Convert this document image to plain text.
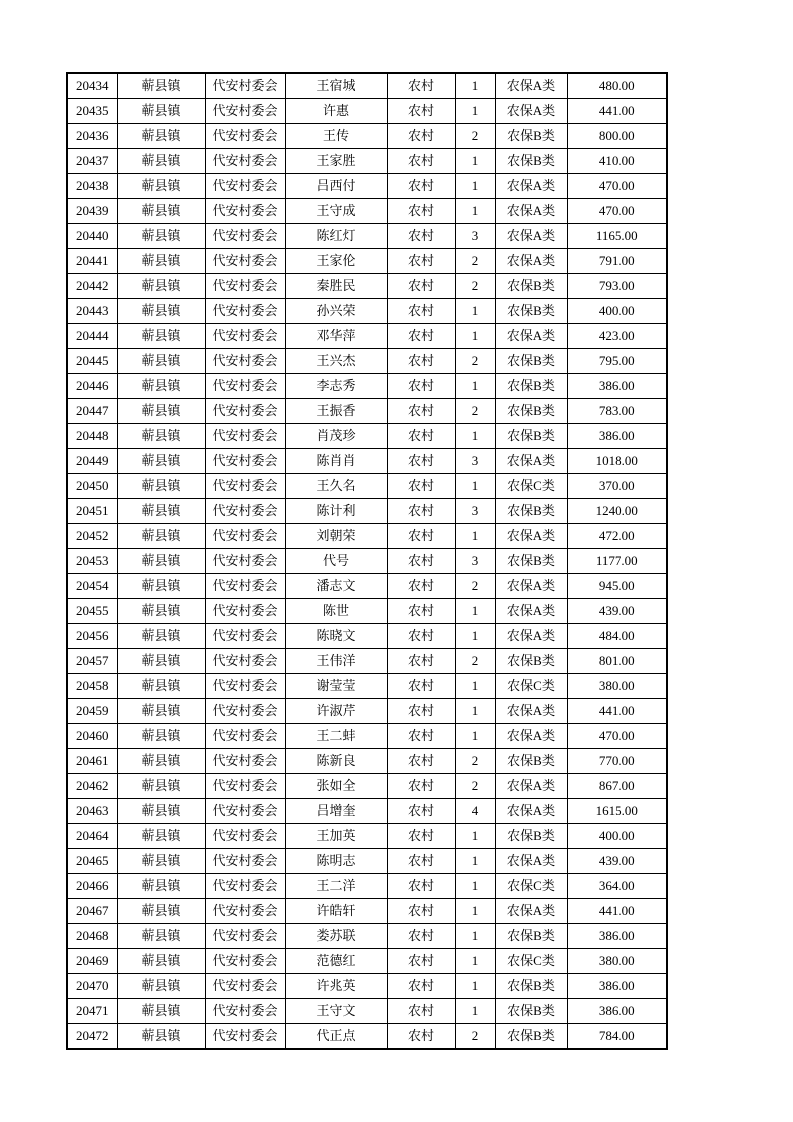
20434	蕲县镇	代安村委会	王宿城	农村	1	农保A类	480.00
20435	蕲县镇	代安村委会	许惠	农村	1	农保A类	441.00
20436	蕲县镇	代安村委会	王传	农村	2	农保B类	800.00
20437	蕲县镇	代安村委会	王家胜	农村	1	农保B类	410.00
20438	蕲县镇	代安村委会	吕西付	农村	1	农保A类	470.00
20439	蕲县镇	代安村委会	王守成	农村	1	农保A类	470.00
20440	蕲县镇	代安村委会	陈红灯	农村	3	农保A类	1165.00
20441	蕲县镇	代安村委会	王家伦	农村	2	农保A类	791.00
20442	蕲县镇	代安村委会	秦胜民	农村	2	农保B类	793.00
20443	蕲县镇	代安村委会	孙兴荣	农村	1	农保B类	400.00
20444	蕲县镇	代安村委会	邓华萍	农村	1	农保A类	423.00
20445	蕲县镇	代安村委会	王兴杰	农村	2	农保B类	795.00
20446	蕲县镇	代安村委会	李志秀	农村	1	农保B类	386.00
20447	蕲县镇	代安村委会	王振香	农村	2	农保B类	783.00
20448	蕲县镇	代安村委会	肖茂珍	农村	1	农保B类	386.00
20449	蕲县镇	代安村委会	陈肖肖	农村	3	农保A类	1018.00
20450	蕲县镇	代安村委会	王久名	农村	1	农保C类	370.00
20451	蕲县镇	代安村委会	陈计利	农村	3	农保B类	1240.00
20452	蕲县镇	代安村委会	刘朝荣	农村	1	农保A类	472.00
20453	蕲县镇	代安村委会	代号	农村	3	农保B类	1177.00
20454	蕲县镇	代安村委会	潘志文	农村	2	农保A类	945.00
20455	蕲县镇	代安村委会	陈世	农村	1	农保A类	439.00
20456	蕲县镇	代安村委会	陈晓文	农村	1	农保A类	484.00
20457	蕲县镇	代安村委会	王伟洋	农村	2	农保B类	801.00
20458	蕲县镇	代安村委会	谢莹莹	农村	1	农保C类	380.00
20459	蕲县镇	代安村委会	许淑芹	农村	1	农保A类	441.00
20460	蕲县镇	代安村委会	王二蚌	农村	1	农保A类	470.00
20461	蕲县镇	代安村委会	陈新良	农村	2	农保B类	770.00
20462	蕲县镇	代安村委会	张如全	农村	2	农保A类	867.00
20463	蕲县镇	代安村委会	吕增奎	农村	4	农保A类	1615.00
20464	蕲县镇	代安村委会	王加英	农村	1	农保B类	400.00
20465	蕲县镇	代安村委会	陈明志	农村	1	农保A类	439.00
20466	蕲县镇	代安村委会	王二洋	农村	1	农保C类	364.00
20467	蕲县镇	代安村委会	许皓轩	农村	1	农保A类	441.00
20468	蕲县镇	代安村委会	娄苏联	农村	1	农保B类	386.00
20469	蕲县镇	代安村委会	范德红	农村	1	农保C类	380.00
20470	蕲县镇	代安村委会	许兆英	农村	1	农保B类	386.00
20471	蕲县镇	代安村委会	王守文	农村	1	农保B类	386.00
20472	蕲县镇	代安村委会	代正点	农村	2	农保B类	784.00
